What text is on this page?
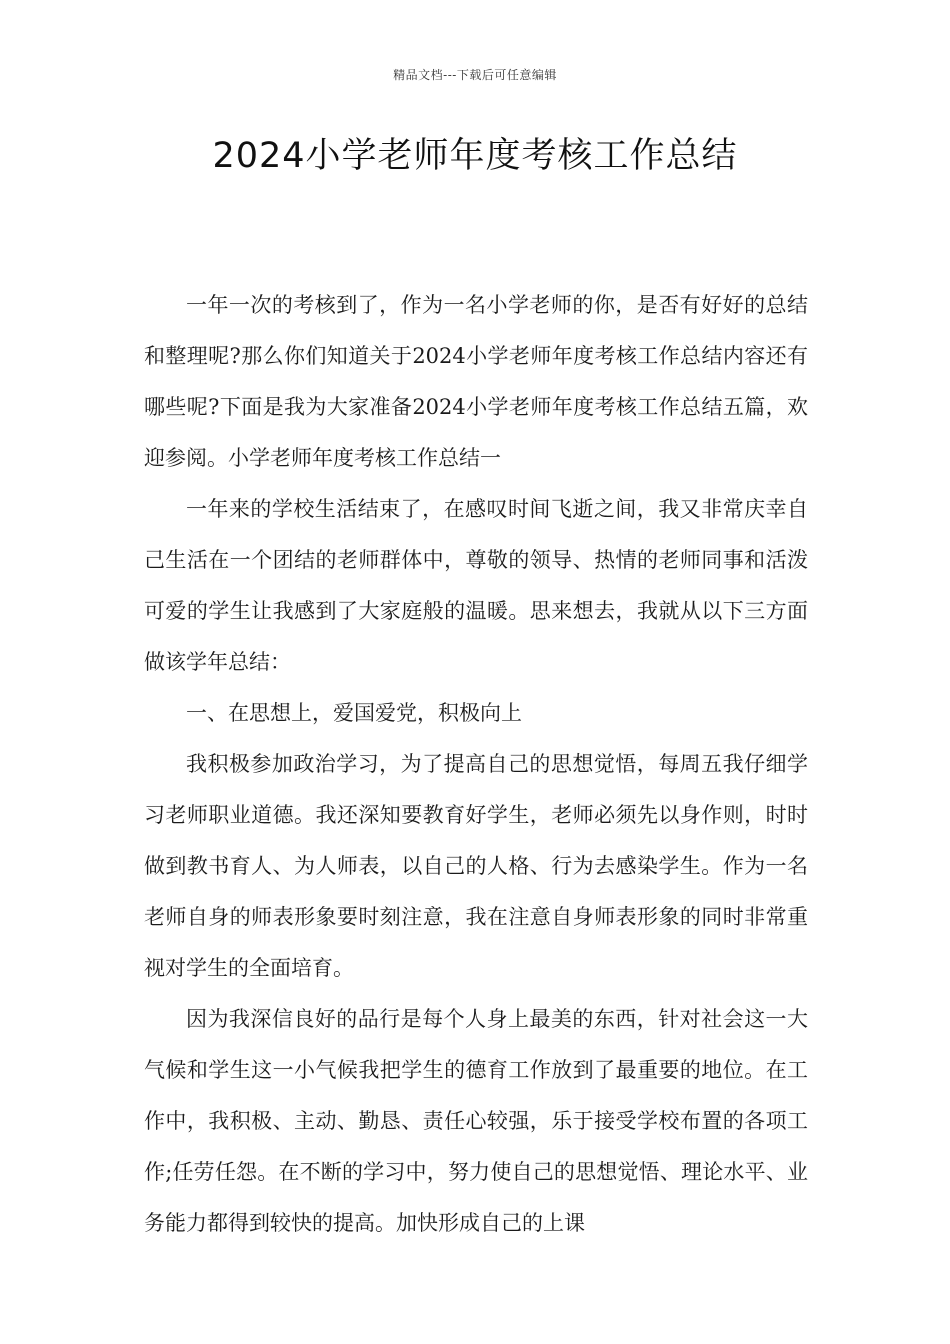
精品文档---下载后可任意编辑
2024小学老师年度考核工作总结

一年一次的考核到了，作为一名小学老师的你，是否有好好的总结和整理呢?那么你们知道关于2024小学老师年度考核工作总结内容还有哪些呢?下面是我为大家准备2024小学老师年度考核工作总结五篇，欢迎参阅。小学老师年度考核工作总结一

一年来的学校生活结束了，在感叹时间飞逝之间，我又非常庆幸自己生活在一个团结的老师群体中，尊敬的领导、热情的老师同事和活泼可爱的学生让我感到了大家庭般的温暖。思来想去，我就从以下三方面做该学年总结：

一、在思想上，爱国爱党，积极向上

我积极参加政治学习，为了提高自己的思想觉悟，每周五我仔细学习老师职业道德。我还深知要教育好学生，老师必须先以身作则，时时做到教书育人、为人师表，以自己的人格、行为去感染学生。作为一名老师自身的师表形象要时刻注意，我在注意自身师表形象的同时非常重视对学生的全面培育。

因为我深信良好的品行是每个人身上最美的东西，针对社会这一大气候和学生这一小气候我把学生的德育工作放到了最重要的地位。在工作中，我积极、主动、勤恳、责任心较强，乐于接受学校布置的各项工作;任劳任怨。在不断的学习中，努力使自己的思想觉悟、理论水平、业务能力都得到较快的提高。加快形成自己的上课
